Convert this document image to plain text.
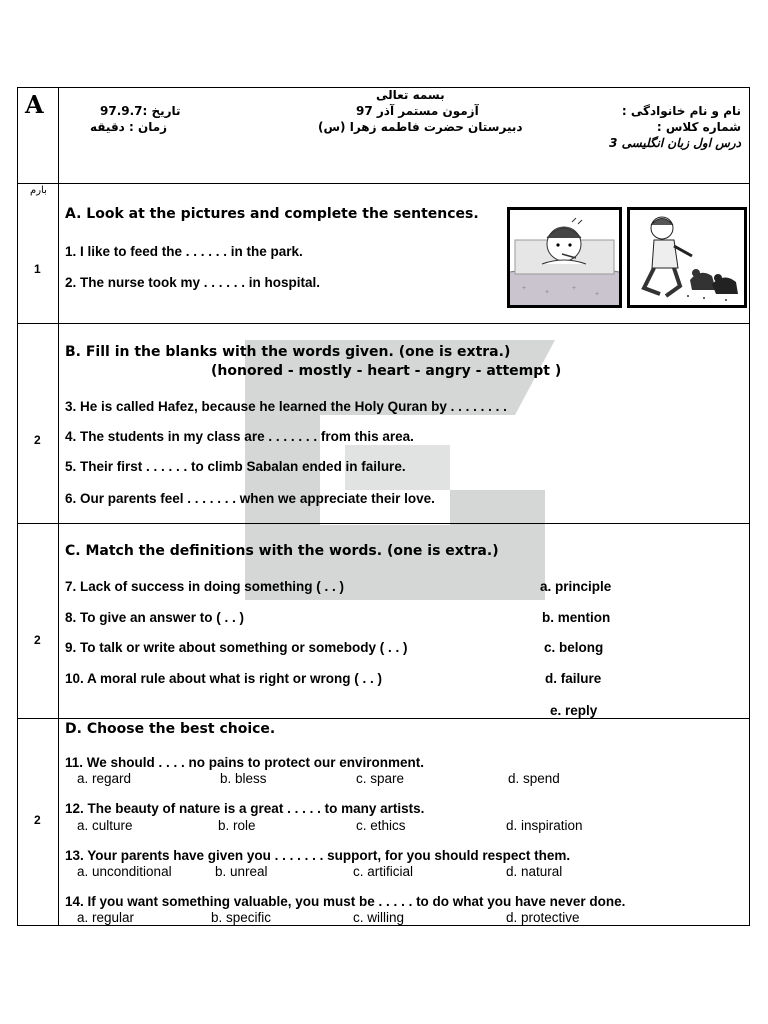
A	بسمه تعالی
آزمون مستمر آذر 97
دبیرستان حضرت فاطمه زهرا (س)
تاریخ :97.9.7
زمان : دقیقه
نام و نام خانوادگی :
شماره کلاس :
درس اول زبان انگلیسی 3
بارم
1
A. Look at the pictures and complete the sentences.
1. I like to feed the . . . . . . in the park.
2. The nurse took my . . . . . . in hospital.	+
+
+
+
2
B. Fill in the blanks with the words given. (one is extra.)
(honored - mostly - heart - angry - attempt )
3. He is called Hafez, because he learned the Holy Quran by . . . . . . . .
4. The students in my class are . . . . . . . from this area.
5. Their first . . . . . . to climb Sabalan ended in failure.
6. Our parents feel . . . . . . . when we appreciate their love.
2
C. Match the definitions with the words. (one is extra.)
7. Lack of success in doing something ( . . )
8. To give an answer to ( . . )
9. To talk or write about something or somebody ( . . )
10. A moral rule about what is right or wrong ( . . )
a. principle
b. mention
c. belong
d. failure
e. reply
2
D. Choose the best choice.
11. We should . . . . no pains to protect our environment.
a. regard	b. bless	c. spare	d. spend
12. The beauty of nature is a great . . . . . to many artists.
a. culture	b. role	c. ethics	d. inspiration
13. Your parents have given you . . . . . . . support, for you should respect them.
a. unconditional	b. unreal	c. artificial	d. natural
14. If you want something valuable, you must be . . . . . to do what you have never done.
a. regular	b. specific	c. willing	d. protective
